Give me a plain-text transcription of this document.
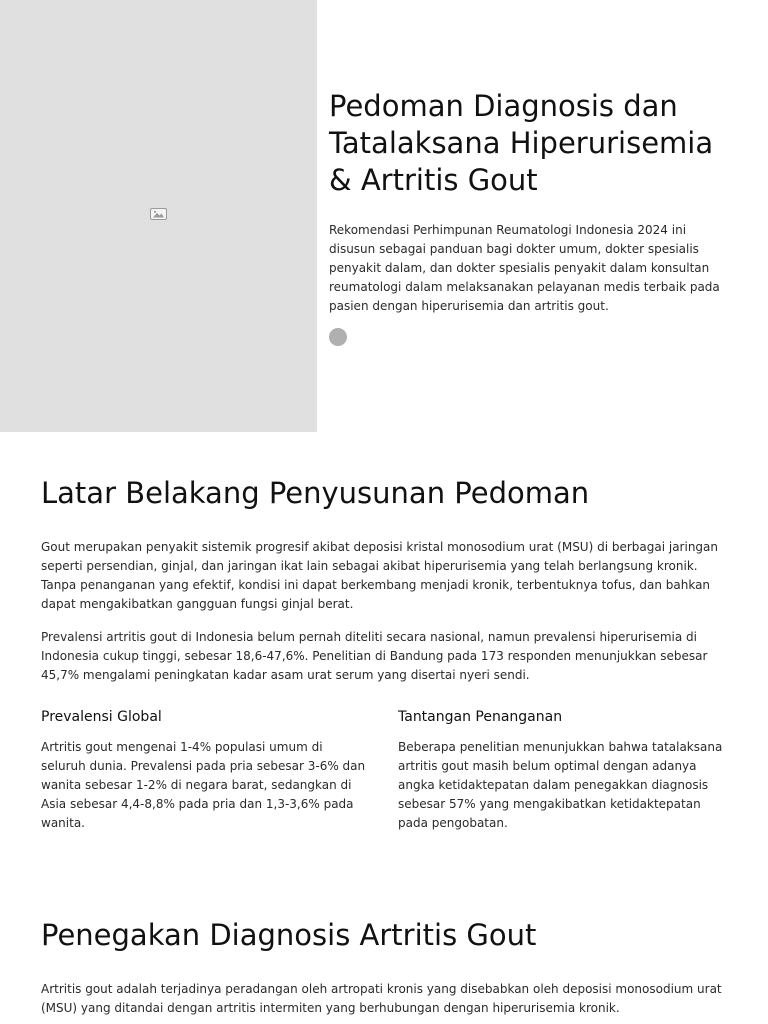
Pedoman Diagnosis dan Tatalaksana Hiperurisemia & Artritis Gout

Rekomendasi Perhimpunan Reumatologi Indonesia 2024 ini disusun sebagai panduan bagi dokter umum, dokter spesialis penyakit dalam, dan dokter spesialis penyakit dalam konsultan reumatologi dalam melaksanakan pelayanan medis terbaik pada pasien dengan hiperurisemia dan artritis gout.

Latar Belakang Penyusunan Pedoman

Gout merupakan penyakit sistemik progresif akibat deposisi kristal monosodium urat (MSU) di berbagai jaringan seperti persendian, ginjal, dan jaringan ikat lain sebagai akibat hiperurisemia yang telah berlangsung kronik. Tanpa penanganan yang efektif, kondisi ini dapat berkembang menjadi kronik, terbentuknya tofus, dan bahkan dapat mengakibatkan gangguan fungsi ginjal berat.

Prevalensi artritis gout di Indonesia belum pernah diteliti secara nasional, namun prevalensi hiperurisemia di Indonesia cukup tinggi, sebesar 18,6-47,6%. Penelitian di Bandung pada 173 responden menunjukkan sebesar 45,7% mengalami peningkatan kadar asam urat serum yang disertai nyeri sendi.

Prevalensi Global

Artritis gout mengenai 1-4% populasi umum di seluruh dunia. Prevalensi pada pria sebesar 3-6% dan wanita sebesar 1-2% di negara barat, sedangkan di Asia sebesar 4,4-8,8% pada pria dan 1,3-3,6% pada wanita.

Tantangan Penanganan

Beberapa penelitian menunjukkan bahwa tatalaksana artritis gout masih belum optimal dengan adanya angka ketidaktepatan dalam penegakkan diagnosis sebesar 57% yang mengakibatkan ketidaktepatan pada pengobatan.

Penegakan Diagnosis Artritis Gout

Artritis gout adalah terjadinya peradangan oleh artropati kronis yang disebabkan oleh deposisi monosodium urat (MSU) yang ditandai dengan artritis intermiten yang berhubungan dengan hiperurisemia kronik.
